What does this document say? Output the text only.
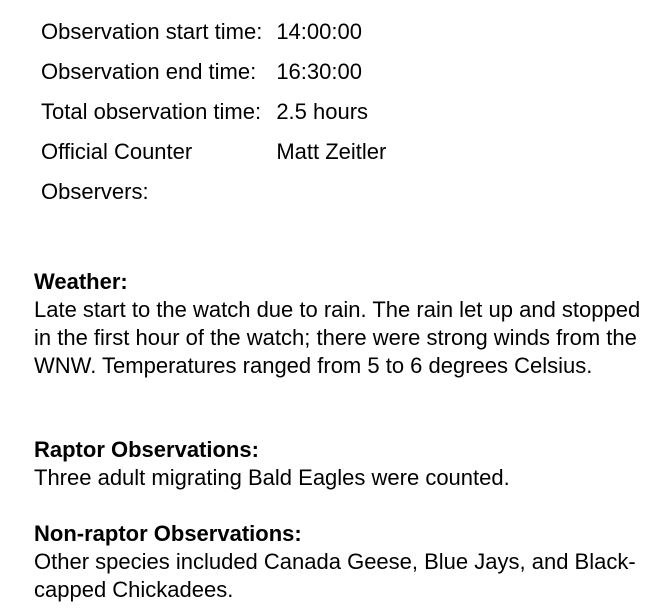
Observation start time:	14:00:00
Observation end time:	16:30:00
Total observation time:	2.5 hours
Official Counter	Matt Zeitler
Observers:	
Weather:

Late start to the watch due to rain. The rain let up and stopped in the first hour of the watch; there were strong winds from the WNW. Temperatures ranged from 5 to 6 degrees Celsius.

Raptor Observations:

Three adult migrating Bald Eagles were counted.

Non-raptor Observations:

Other species included Canada Geese, Blue Jays, and Black-capped Chickadees.
